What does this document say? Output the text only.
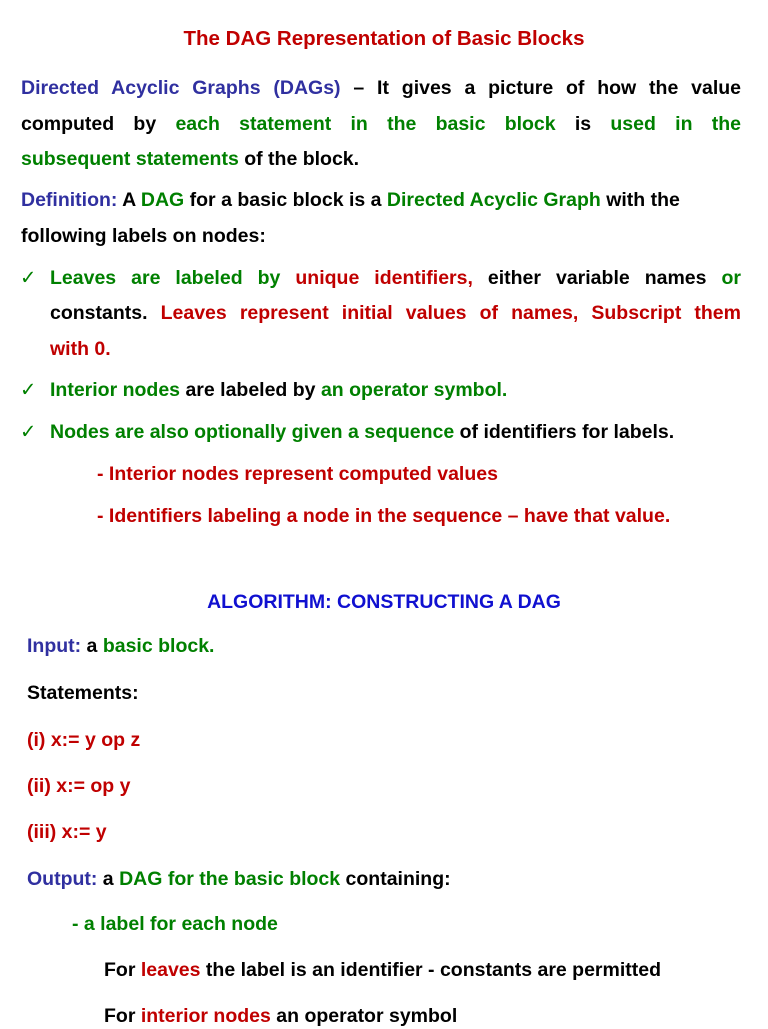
The DAG Representation of Basic Blocks
Directed Acyclic Graphs (DAGs) – It gives a picture of how the value
computed by each statement in the basic block is used in the
subsequent statements of the block.
Definition: A DAG for a basic block is a Directed Acyclic Graph with the
following labels on nodes:
✓ Leaves are labeled by unique identifiers, either variable names or
constants. Leaves represent initial values of names, Subscript them
with 0.
✓ Interior nodes are labeled by an operator symbol.
✓ Nodes are also optionally given a sequence of identifiers for labels.
- Interior nodes represent computed values
- Identifiers labeling a node in the sequence – have that value.
ALGORITHM: CONSTRUCTING A DAG
Input: a basic block.
Statements:
(i) x:= y op z
(ii) x:= op y
(iii) x:= y
Output: a DAG for the basic block containing:
- a label for each node
For leaves the label is an identifier - constants are permitted
For interior nodes an operator symbol
